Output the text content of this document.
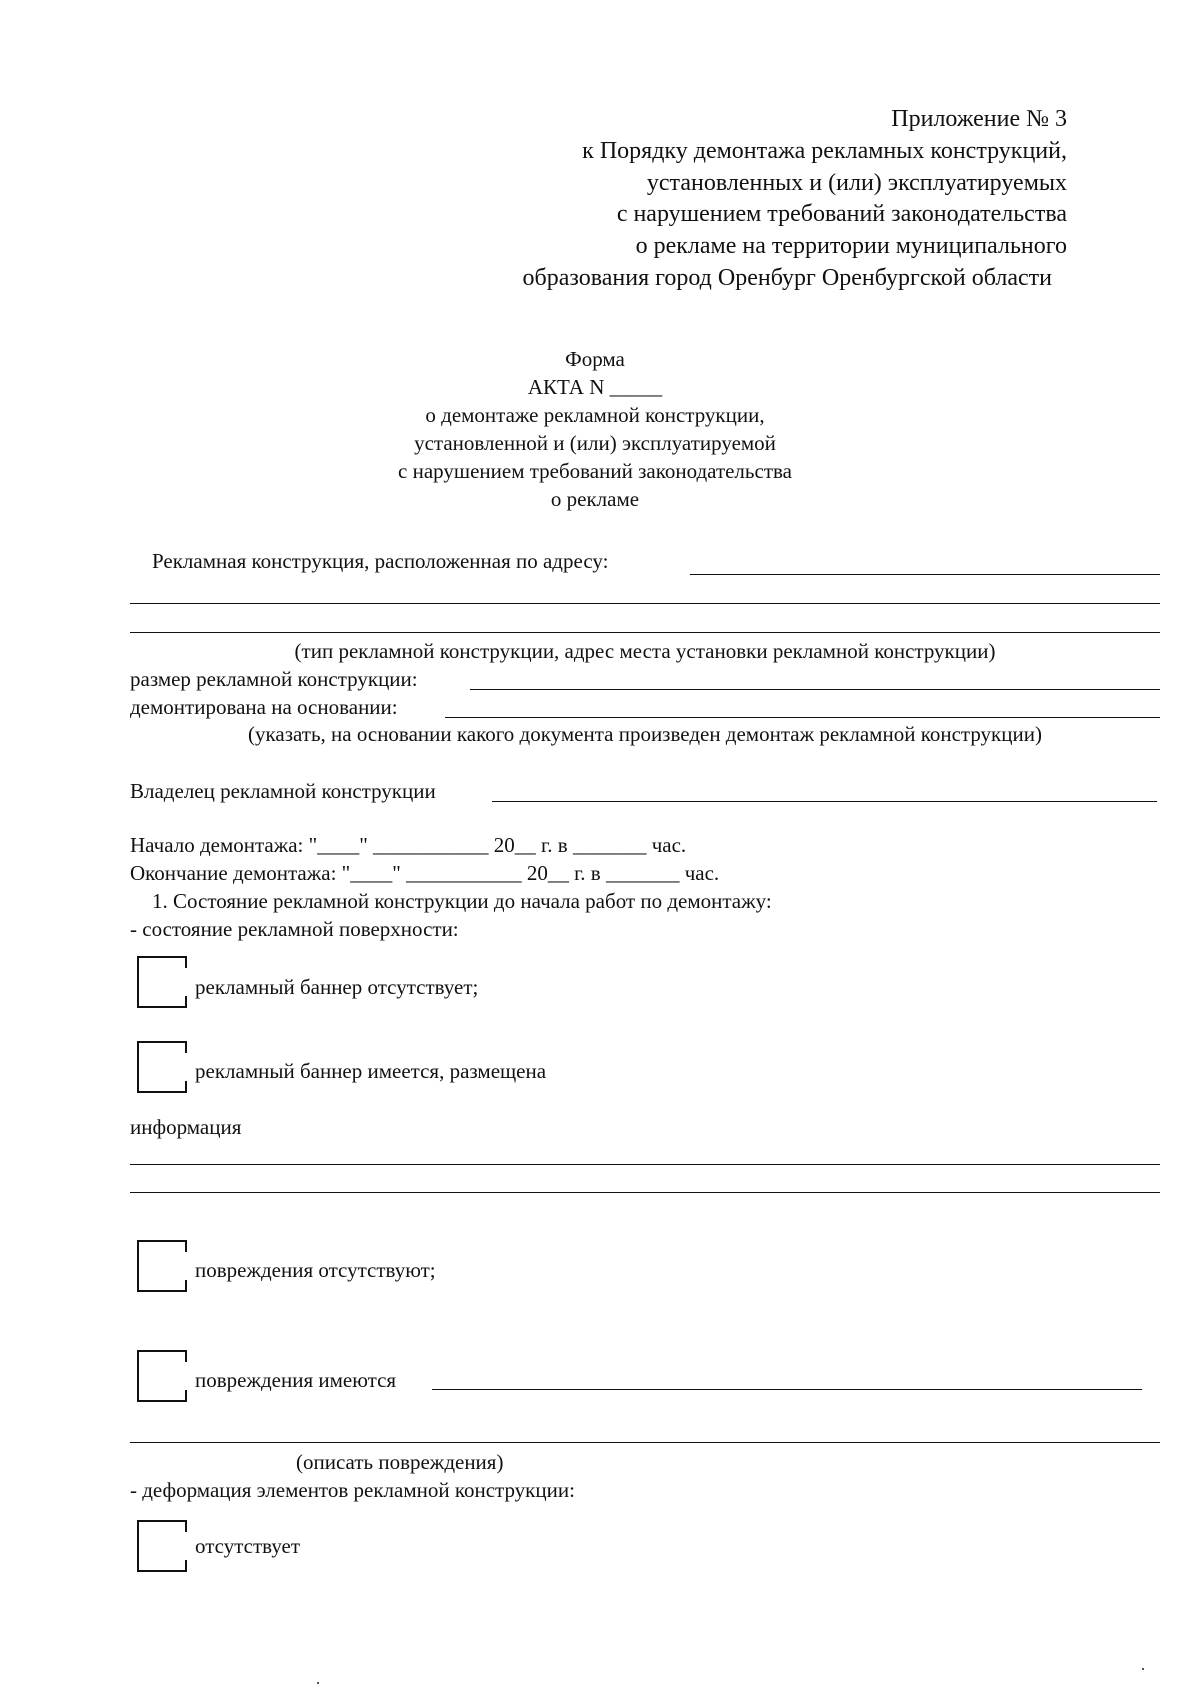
Приложение № 3
к Порядку демонтажа рекламных конструкций,
установленных и (или) эксплуатируемых
с нарушением требований законодательства
о рекламе на территории муниципального
образования город Оренбург Оренбургской области
Форма
АКТА N _____
о демонтаже рекламной конструкции,
установленной и (или) эксплуатируемой
с нарушением требований законодательства
о рекламе
Рекламная конструкция, расположенная по адресу:
(тип рекламной конструкции, адрес места установки рекламной конструкции)
размер рекламной конструкции:
демонтирована на основании:
(указать, на основании какого документа произведен демонтаж рекламной конструкции)
Владелец рекламной конструкции
Начало демонтажа: "____" ___________ 20__ г. в _______ час.
Окончание демонтажа: "____" ___________ 20__ г. в _______ час.
1. Состояние рекламной конструкции до начала работ по демонтажу:
- состояние рекламной поверхности:
рекламный баннер отсутствует;
рекламный баннер имеется, размещена
информация
повреждения отсутствуют;
повреждения имеются
(описать повреждения)
- деформация элементов рекламной конструкции:
отсутствует
